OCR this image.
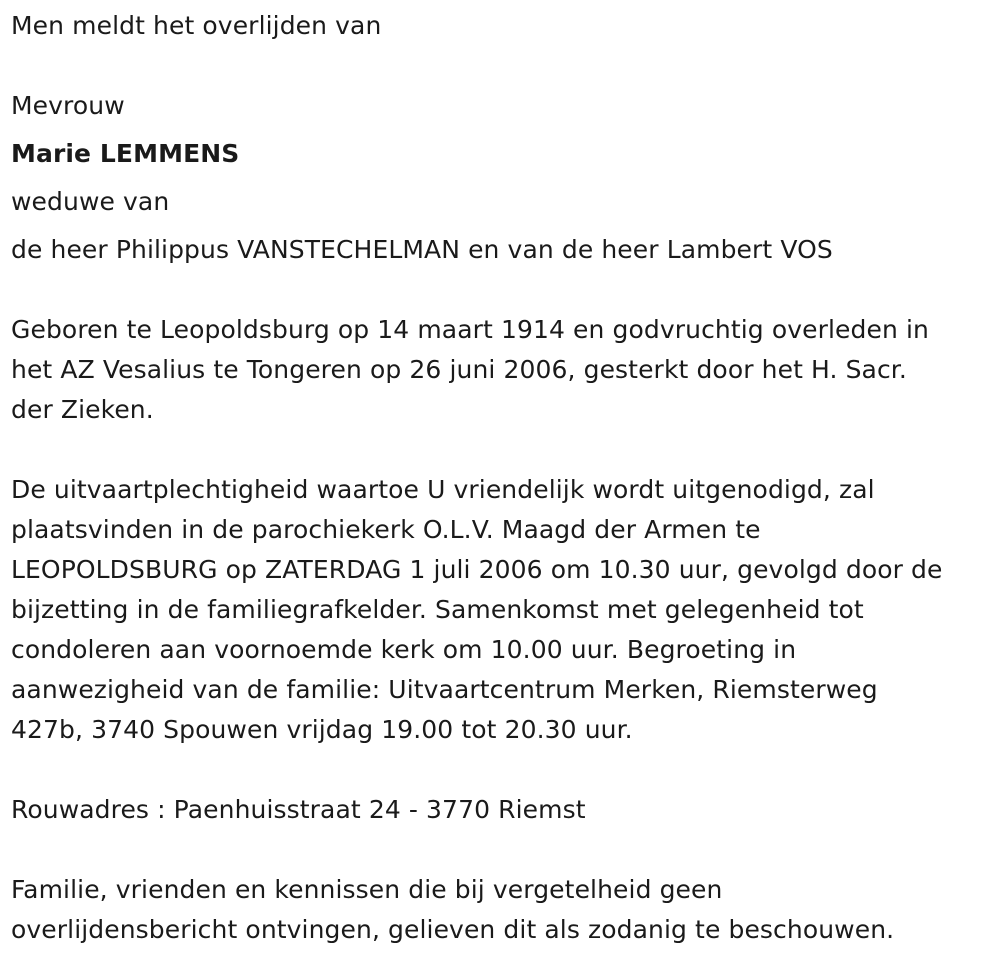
Men meldt het overlijden van
Mevrouw
Marie LEMMENS
weduwe van
de heer Philippus VANSTECHELMAN en van de heer Lambert VOS
Geboren te Leopoldsburg op 14 maart 1914 en godvruchtig overleden in
het AZ Vesalius te Tongeren op 26 juni 2006, gesterkt door het H. Sacr.
der Zieken.
De uitvaartplechtigheid waartoe U vriendelijk wordt uitgenodigd, zal
plaatsvinden in de parochiekerk O.L.V. Maagd der Armen te
LEOPOLDSBURG op ZATERDAG 1 juli 2006 om 10.30 uur, gevolgd door de
bijzetting in de familiegrafkelder. Samenkomst met gelegenheid tot
condoleren aan voornoemde kerk om 10.00 uur. Begroeting in
aanwezigheid van de familie: Uitvaartcentrum Merken, Riemsterweg
427b, 3740 Spouwen vrijdag 19.00 tot 20.30 uur.
Rouwadres : Paenhuisstraat 24 - 3770 Riemst
Familie, vrienden en kennissen die bij vergetelheid geen
overlijdensbericht ontvingen, gelieven dit als zodanig te beschouwen.
